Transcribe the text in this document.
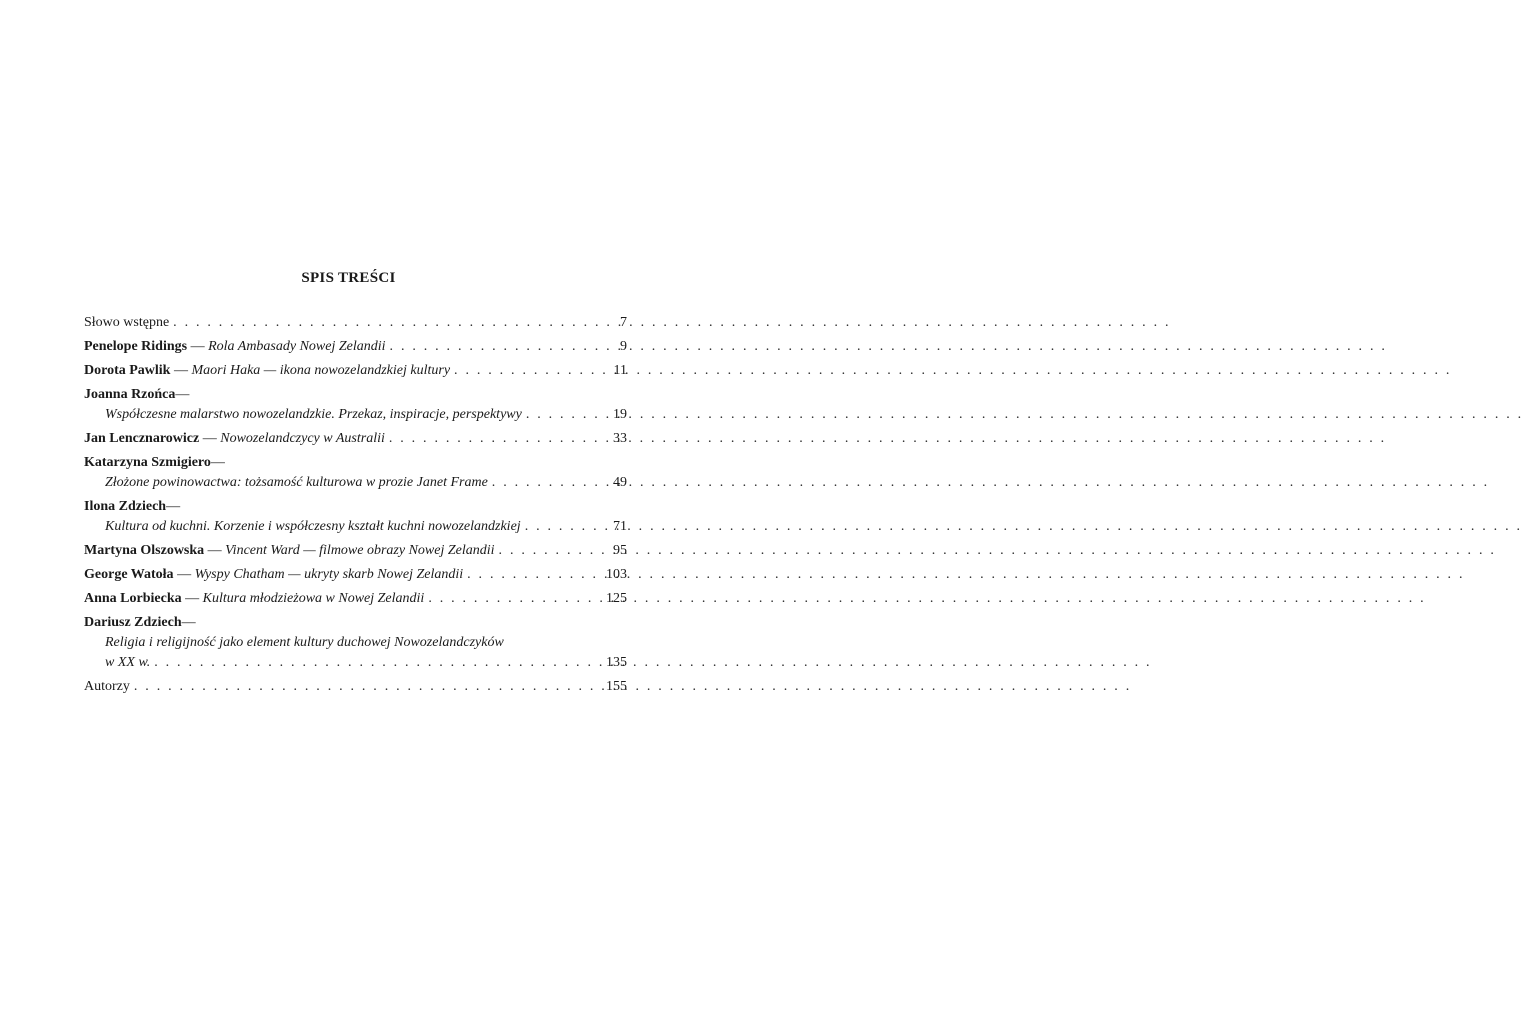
SPIS TREŚCI
Słowo wstępne . . .	7
Penelope Ridings — Rola Ambasady Nowej Zelandii . . .	9
Dorota Pawlik — Maori Haka — ikona nowozelandzkiej kultury . . .	11
Joanna Rzońca —
Współczesne malarstwo nowozelandzkie. Przekaz, inspiracje, perspektywy . . .	19
Jan Lencznarowicz — Nowozelandczycy w Australii . . .	33
Katarzyna Szmigiero —
Złożone powinowactwa: tożsamość kulturowa w prozie Janet Frame . . .	49
Ilona Zdziech —
Kultura od kuchni. Korzenie i współczesny kształt kuchni nowozelandzkiej . . .	71
Martyna Olszowska — Vincent Ward — filmowe obrazy Nowej Zelandii . . .	95
George Watoła — Wyspy Chatham — ukryty skarb Nowej Zelandii . . .	103
Anna Lorbiecka — Kultura młodzieżowa w Nowej Zelandii . . .	125
Dariusz Zdziech —
Religia i religijność jako element kultury duchowej Nowozelandczyków
w XX w. . . .	135
Autorzy . . .	155
